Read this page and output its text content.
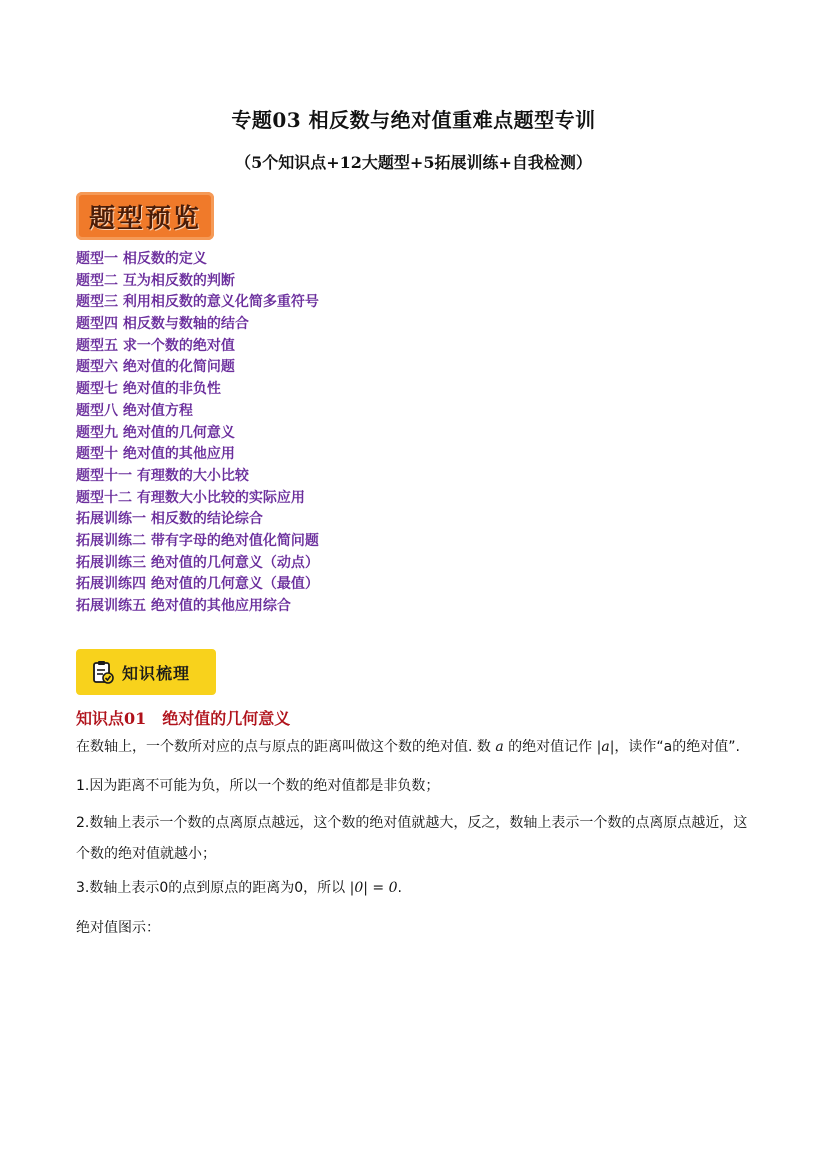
专题03 相反数与绝对值重难点题型专训
（5个知识点+12大题型+5拓展训练+自我检测）
题型预览
题型一 相反数的定义
题型二 互为相反数的判断
题型三 利用相反数的意义化简多重符号
题型四 相反数与数轴的结合
题型五 求一个数的绝对值
题型六 绝对值的化简问题
题型七 绝对值的非负性
题型八 绝对值方程
题型九 绝对值的几何意义
题型十 绝对值的其他应用
题型十一 有理数的大小比较
题型十二 有理数大小比较的实际应用
拓展训练一 相反数的结论综合
拓展训练二 带有字母的绝对值化简问题
拓展训练三 绝对值的几何意义（动点）
拓展训练四 绝对值的几何意义（最值）
拓展训练五 绝对值的其他应用综合
知识梳理
知识点01 绝对值的几何意义
在数轴上，一个数所对应的点与原点的距离叫做这个数的绝对值. 数 a 的绝对值记作 |a|，读作“a的绝对值”.
1.因为距离不可能为负，所以一个数的绝对值都是非负数；
2.数轴上表示一个数的点离原点越远，这个数的绝对值就越大，反之，数轴上表示一个数的点离原点越近，这个数的绝对值就越小；
3.数轴上表示0的点到原点的距离为0，所以 |0| = 0.
绝对值图示：
